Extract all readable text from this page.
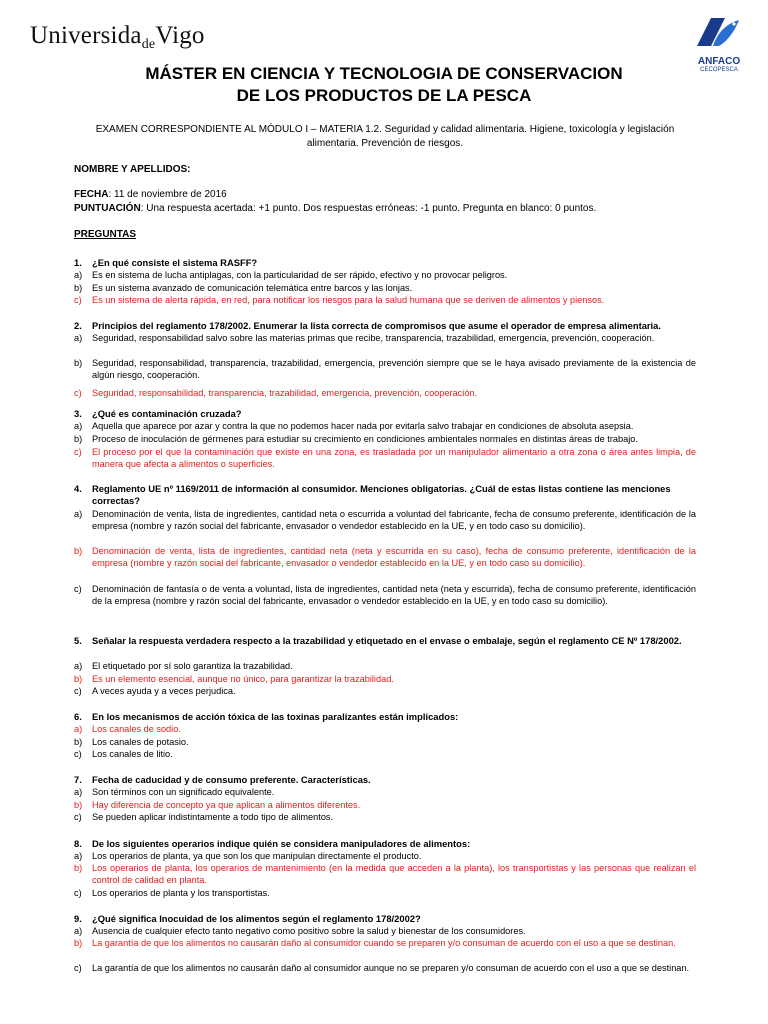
Universida$_{de}$Vigo
ANFACO
CECOPESCA
MÁSTER EN CIENCIA Y TECNOLOGIA DE CONSERVACION
DE LOS PRODUCTOS DE LA PESCA
EXAMEN CORRESPONDIENTE AL MÓDULO I – MATERIA 1.2. Seguridad y calidad alimentaria. Higiene, toxicología y legislación alimentaria. Prevención de riesgos.
NOMBRE Y APELLIDOS:
FECHA: 11 de noviembre de 2016
PUNTUACIÓN: Una respuesta acertada: +1 punto. Dos respuestas erróneas: -1 punto. Pregunta en blanco: 0 puntos.
PREGUNTAS
1. ¿En qué consiste el sistema RASFF?
a) Es en sistema de lucha antiplagas, con la particularidad de ser rápido, efectivo y no provocar peligros.
b) Es un sistema avanzado de comunicación telemática entre barcos y las lonjas.
c) Es un sistema de alerta rápida, en red, para notificar los riesgos para la salud humana que se deriven de alimentos y piensos.
2. Principios del reglamento 178/2002. Enumerar la lista correcta de compromisos que asume el operador de empresa alimentaria.
a) Seguridad, responsabilidad salvo sobre las materias primas que recibe, transparencia, trazabilidad, emergencia, prevención, cooperación.
b) Seguridad, responsabilidad, transparencia, trazabilidad, emergencia, prevención siempre que se le haya avisado previamente de la existencia de algún riesgo, cooperación.
c) Seguridad, responsabilidad, transparencia, trazabilidad, emergencia, prevención, cooperación.
3. ¿Qué es contaminación cruzada?
a) Aquella que aparece por azar y contra la que no podemos hacer nada por evitarla salvo trabajar en condiciones de absoluta asepsia.
b) Proceso de inoculación de gérmenes para estudiar su crecimiento en condiciones ambientales normales en distintas áreas de trabajo.
c) El proceso por el que la contaminación que existe en una zona, es trasladada por un manipulador alimentario a otra zona o área antes limpia, de manera que afecta a alimentos o superficies.
4. Reglamento UE nº 1169/2011 de información al consumidor. Menciones obligatorias. ¿Cuál de estas listas contiene las menciones correctas?
a) Denominación de venta, lista de ingredientes, cantidad neta o escurrida a voluntad del fabricante, fecha de consumo preferente, identificación de la empresa (nombre y razón social del fabricante, envasador o vendedor establecido en la UE, y en todo caso su domicilio).
b) Denominación de venta, lista de ingredientes, cantidad neta (neta y escurrida en su caso), fecha de consumo preferente, identificación de la empresa (nombre y razón social del fabricante, envasador o vendedor establecido en la UE, y en todo caso su domicilio).
c) Denominación de fantasía o de venta a voluntad, lista de ingredientes, cantidad neta (neta y escurrida), fecha de consumo preferente, identificación de la empresa (nombre y razón social del fabricante, envasador o vendedor establecido en la UE, y en todo caso su domicilio).
5. Señalar la respuesta verdadera respecto a la trazabilidad y etiquetado en el envase o embalaje, según el reglamento CE Nº 178/2002.
a) El etiquetado por sí solo garantiza la trazabilidad.
b) Es un elemento esencial, aunque no único, para garantizar la trazabilidad.
c) A veces ayuda y a veces perjudica.
6. En los mecanismos de acción tóxica de las toxinas paralizantes están implicados:
a) Los canales de sodio.
b) Los canales de potasio.
c) Los canales de litio.
7. Fecha de caducidad y de consumo preferente. Características.
a) Son términos con un significado equivalente.
b) Hay diferencia de concepto ya que aplican a alimentos diferentes.
c) Se pueden aplicar indistintamente a todo tipo de alimentos.
8. De los siguientes operarios indique quién se considera manipuladores de alimentos:
a) Los operarios de planta, ya que son los que manipulan directamente el producto.
b) Los operarios de planta, los operarios de mantenimiento (en la medida que acceden a la planta), los transportistas y las personas que realizan el control de calidad en planta.
c) Los operarios de planta y los transportistas.
9. ¿Qué significa Inocuidad de los alimentos según el reglamento 178/2002?
a) Ausencia de cualquier efecto tanto negativo como positivo sobre la salud y bienestar de los consumidores.
b) La garantía de que los alimentos no causarán daño al consumidor cuando se preparen y/o consuman de acuerdo con el uso a que se destinan.
c) La garantía de que los alimentos no causarán daño al consumidor aunque no se preparen y/o consuman de acuerdo con el uso a que se destinan.
